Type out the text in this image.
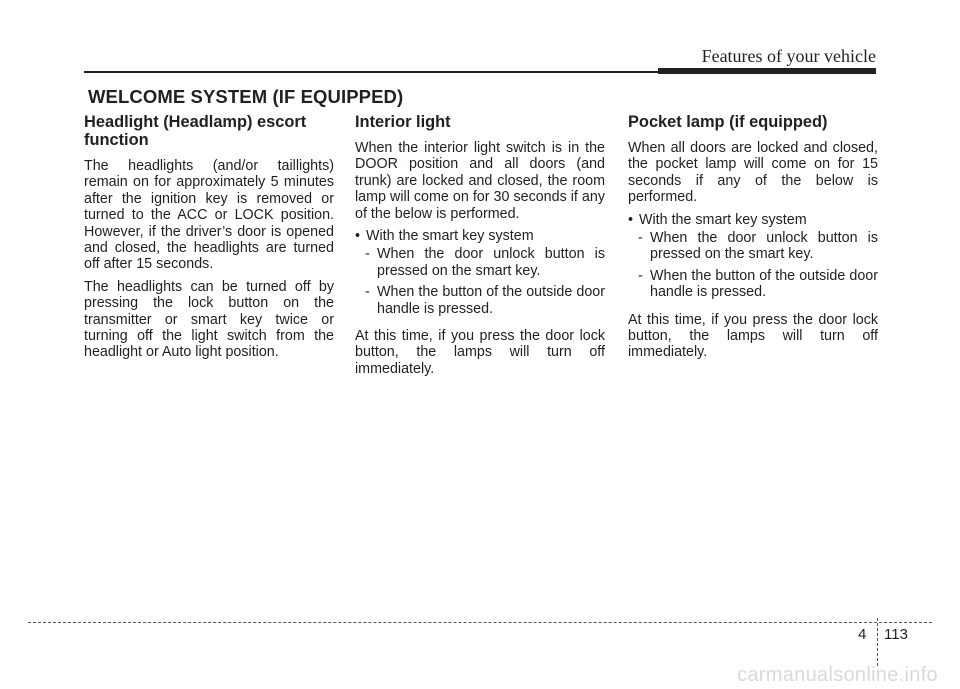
Features of your vehicle
WELCOME SYSTEM (IF EQUIPPED)
Headlight (Headlamp) escort function

The headlights (and/or taillights) remain on for approximately 5 minutes after the ignition key is removed or turned to the ACC or LOCK position. However, if the driver’s door is opened and closed, the headlights are turned off after 15 seconds.

The headlights can be turned off by pressing the lock button on the transmitter or smart key twice or turning off the light switch from the headlight or Auto light position.

Interior light

When the interior light switch is in the DOOR position and all doors (and trunk) are locked and closed, the room lamp will come on for 30 seconds if any of the below is performed.

• With the smart key system
- When the door unlock button is pressed on the smart key.
- When the button of the outside door handle is pressed.

At this time, if you press the door lock button, the lamps will turn off immediately.

Pocket lamp (if equipped)

When all doors are locked and closed, the pocket lamp will come on for 15 seconds if any of the below is performed.

• With the smart key system
- When the door unlock button is pressed on the smart key.
- When the button of the outside door handle is pressed.

At this time, if you press the door lock button, the lamps will turn off immediately.

4 113
carmanualsonline.info
